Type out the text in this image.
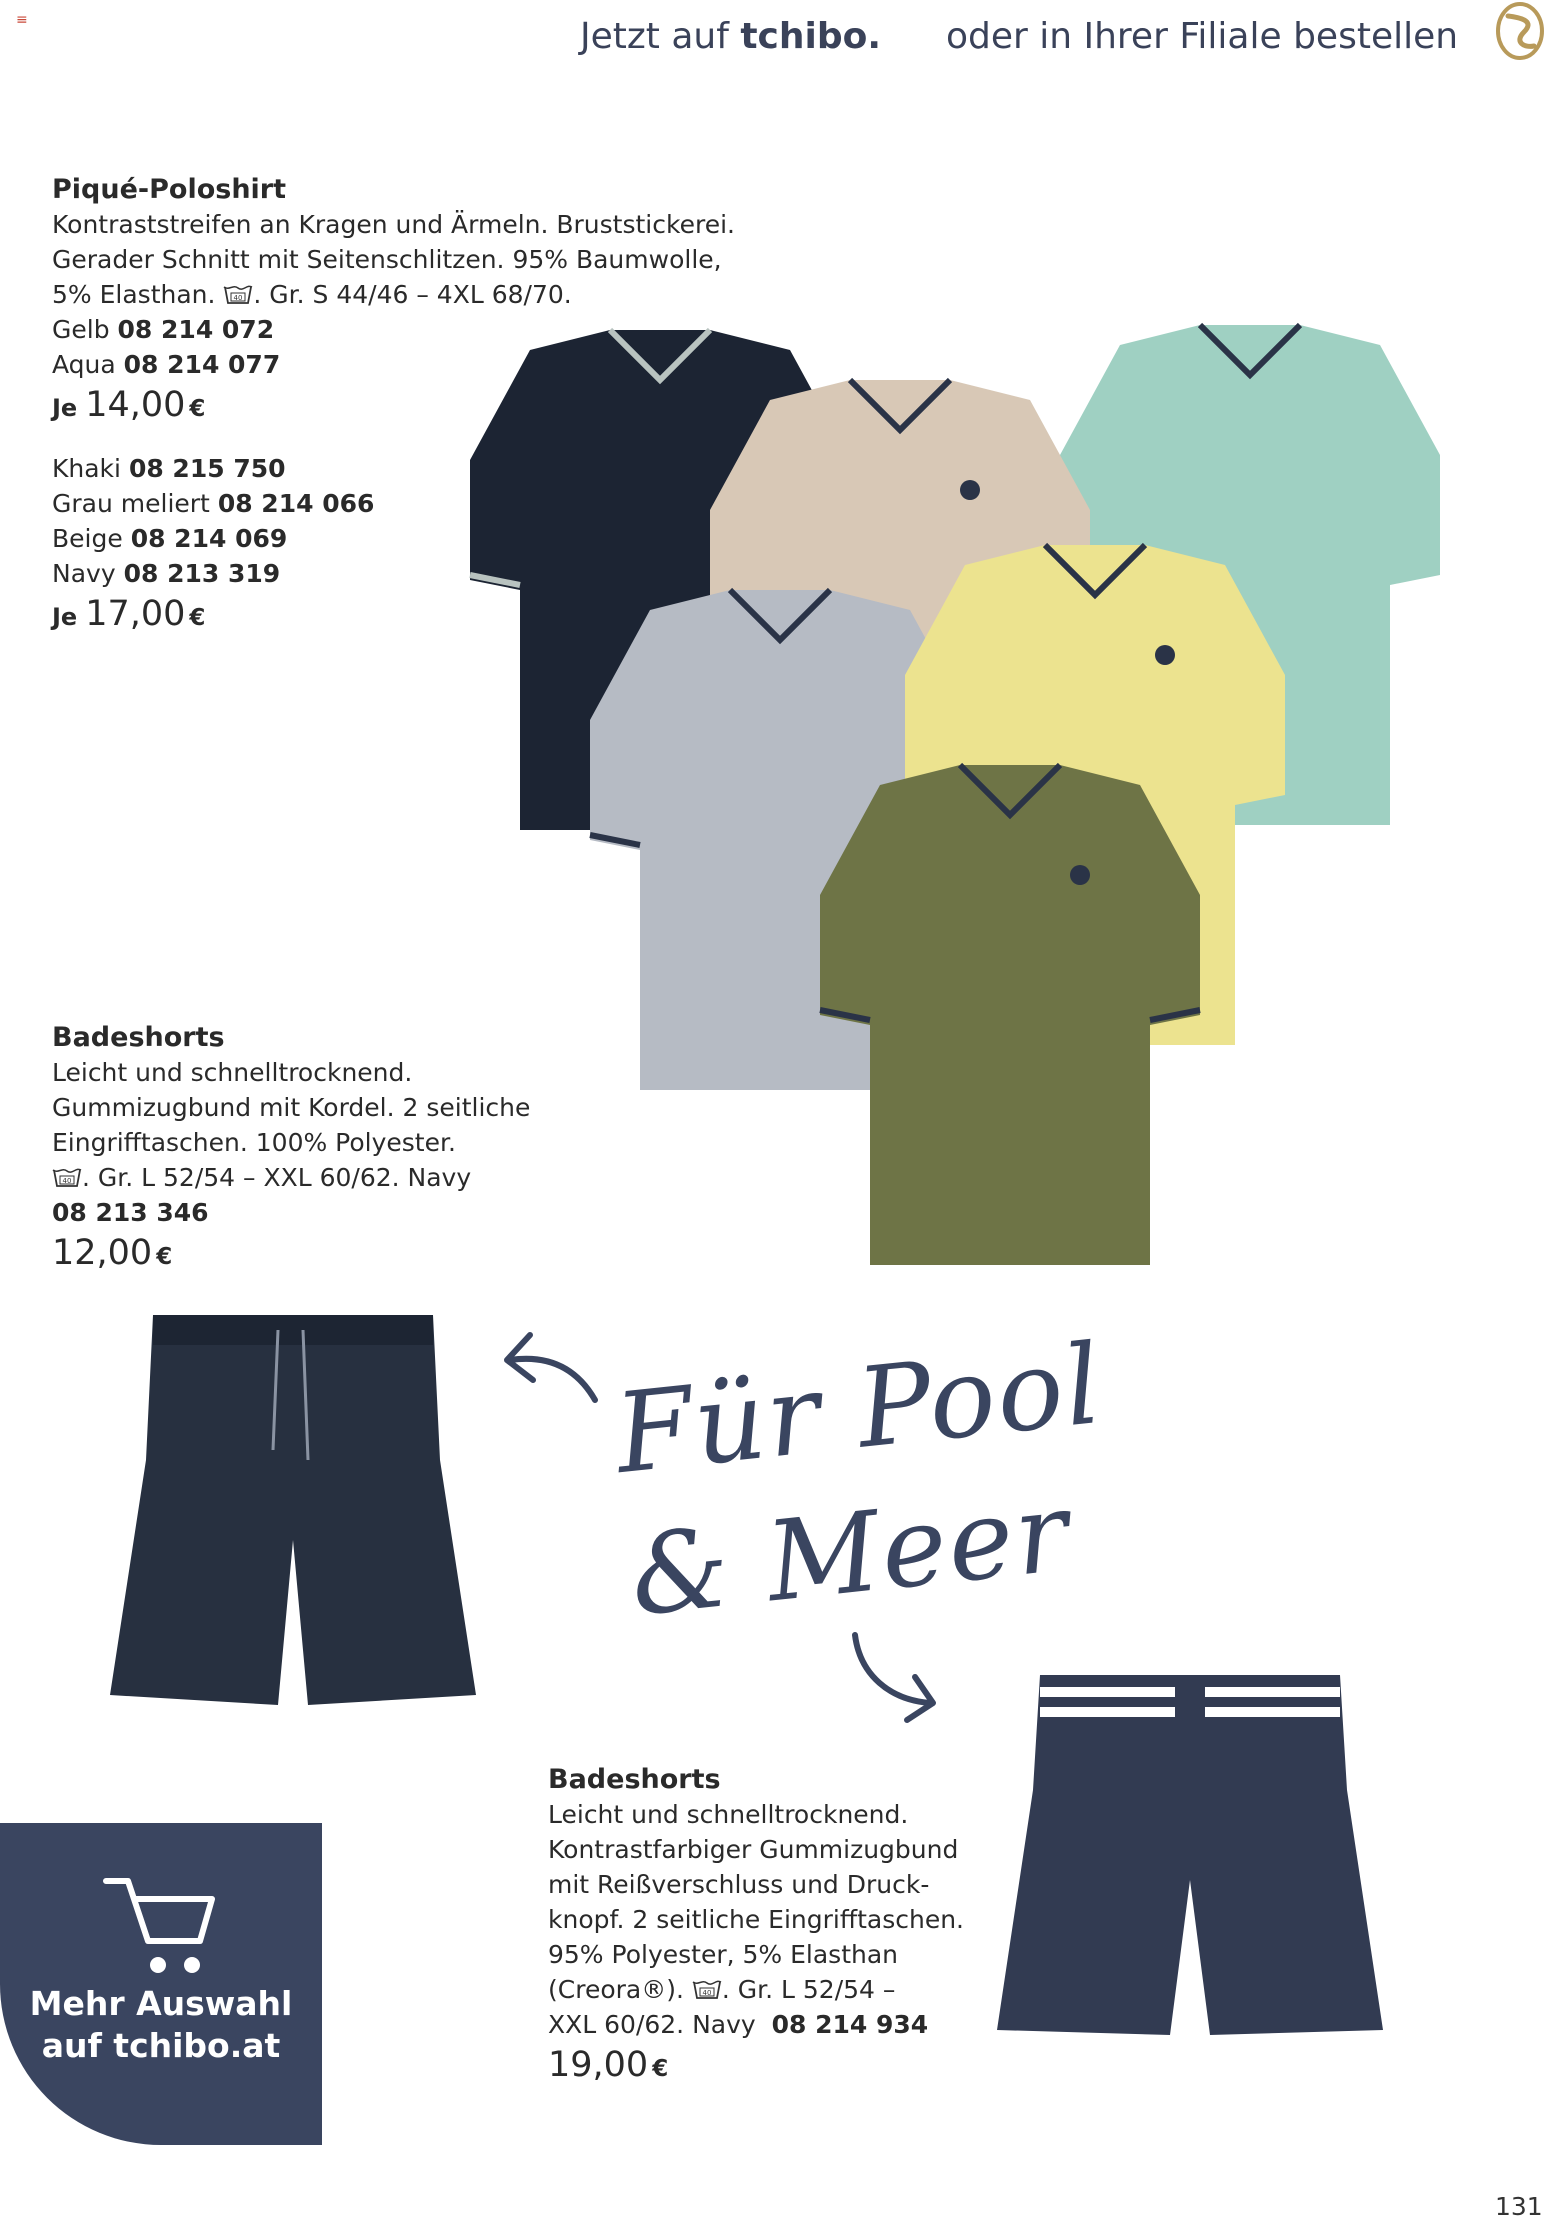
≡	Jetzt auf tchibo. oder in Ihrer Filiale bestellen
Piqué-Poloshirt
Kontraststreifen an Kragen und Ärmeln. Bruststickerei.
Gerader Schnitt mit Seitenschlitzen. 95% Baumwolle,
5% Elasthan.	40 . Gr. S 44/46 – 4XL 68/70.
Gelb 08 214 072
Aqua 08 214 077
Je 14,00 €
Khaki 08 215 750
Grau meliert 08 214 066
Beige 08 214 069
Navy 08 213 319
Je 17,00 €
Badeshorts
Leicht und schnelltrocknend.
Gummizugbund mit Kordel. 2 seitliche
Eingrifftaschen. 100% Polyester.
40 . Gr. L 52/54 – XXL 60/62. Navy
08 213 346
12,00 €
Für Pool
& Meer
Badeshorts
Leicht und schnelltrocknend.
Kontrastfarbiger Gummizugbund
mit Reißverschluss und Druck-
knopf. 2 seitliche Eingrifftaschen.
95% Polyester, 5% Elasthan
(Creora®).	40 . Gr. L 52/54 –
XXL 60/62. Navy 08 214 934
19,00 €
Mehr Auswahl
auf tchibo.at
131
